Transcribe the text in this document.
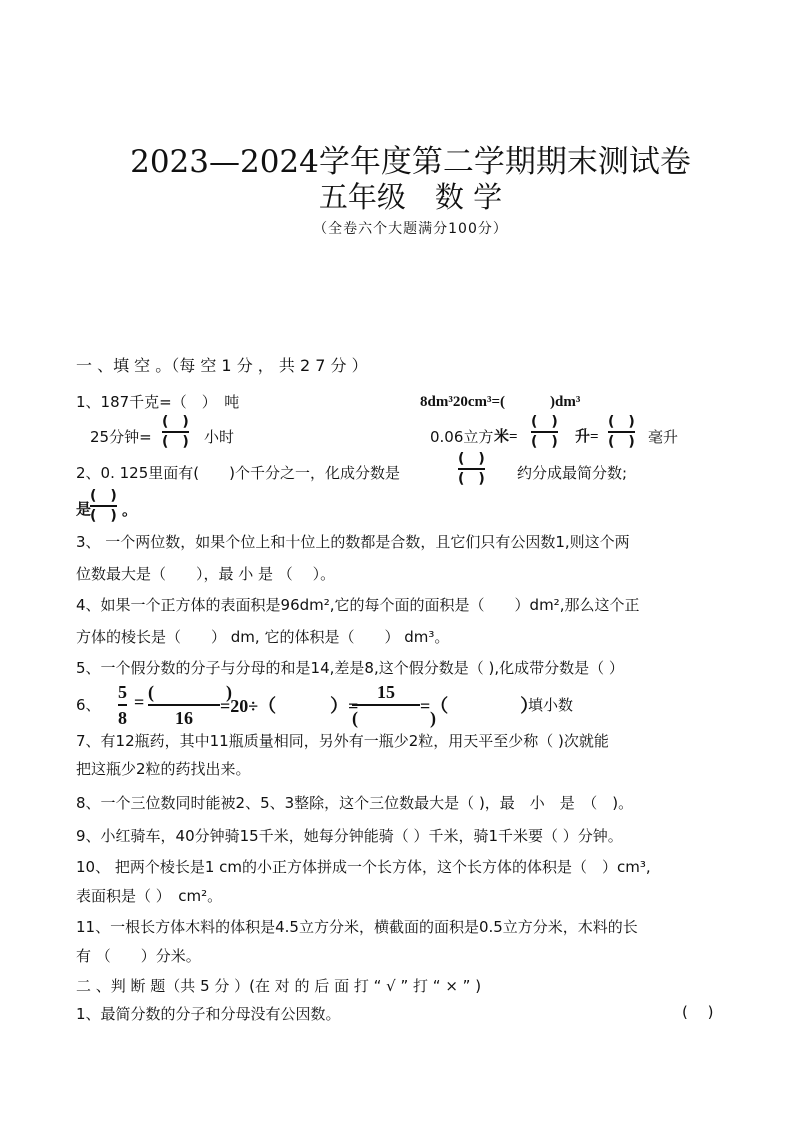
2023—2024学年度第二学期期末测试卷
五年级　数 学
（全卷六个大题满分100分）
一 、填 空 。（每 空 1 分 ， 共 2 7 分 ）
1、187千克=（　）　吨	8dm³20cm³=(　　　)dm³
25分钟=
(　)
(　) 小时	0.06立方 米=
(　)
(　) 升=
(　)
(　) 毫升
2、0. 125里面有(　　)个千分之一，化成分数是
(　)
(　) 约分成最简分数;
是
(　)
(　) 。
3、 一个两位数，如果个位上和十位上的数都是合数，且它们只有公因数1,则这个两
位数最大是（　　），最 小 是 （　 ）。
4、如果一个正方体的表面积是96dm²,它的每个面的面积是（　　）dm²,那么这个正
方体的棱长是（　　） dm, 它的体积是（　　） dm³。
5、一个假分数的分子与分母的和是14,差是8,这个假分数是（ ),化成带分数是（ ）
6、
5
8
= (　　　　)
16
=20÷（　　　）=
15
(　　　　)
=（　　　　）
填小数
7、有12瓶药，其中11瓶质量相同，另外有一瓶少2粒，用天平至少称（ )次就能
把这瓶少2粒的药找出来。
8、一个三位数同时能被2、5、3整除，这个三位数最大是（ )，最　小　是　（　)。
9、小红骑车，40分钟骑15千米，她每分钟能骑（ ）千米，骑1千米要（ ）分钟。
10、 把两个棱长是1 cm的小正方体拼成一个长方体，这个长方体的体积是（　）cm³,
表面积是（ ）　cm²。
11、一根长方体木料的体积是4.5立方分米，横截面的面积是0.5立方分米，木料的长
有 （　　）分米。
二 、判 断 题（共 5 分 ）(在 对 的 后 面 打 “ √ ” 打 “ × ” )
1、最简分数的分子和分母没有公因数。	(　 )
